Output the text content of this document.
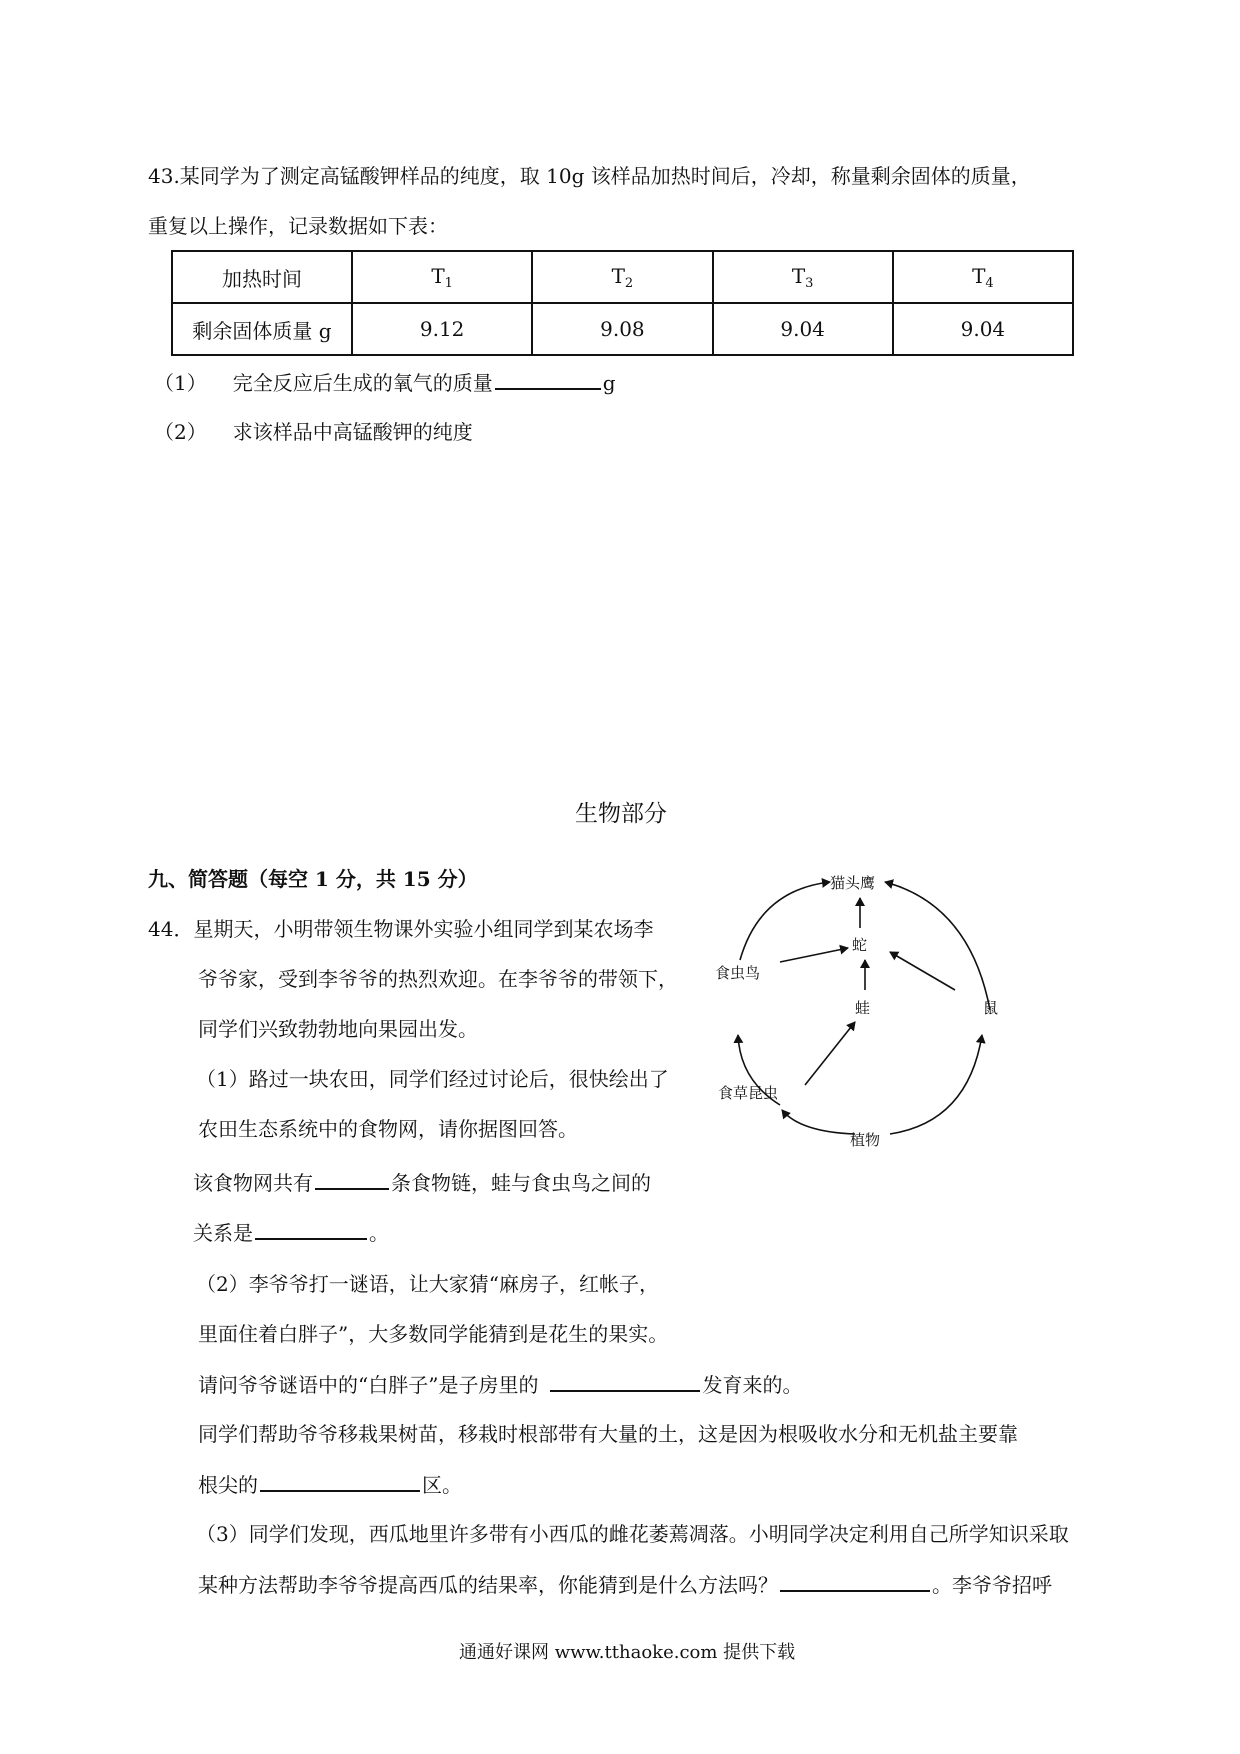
43.某同学为了测定高锰酸钾样品的纯度，取 10g 该样品加热时间后，冷却，称量剩余固体的质量，
重复以上操作，记录数据如下表：
加热时间	$T_1$	$T_2$	$T_3$	$T_4$
剩余固体质量 g	9.12	9.08	9.04	9.04
（1） 完全反应后生成的氧气的质量	g
（2） 求该样品中高锰酸钾的纯度
生物部分
九、简答题（每空 1 分，共 15 分）
44．星期天，小明带领生物课外实验小组同学到某农场李
爷爷家，受到李爷爷的热烈欢迎。在李爷爷的带领下，
同学们兴致勃勃地向果园出发。
（1）路过一块农田，同学们经过讨论后，很快绘出了
农田生态系统中的食物网，请你据图回答。
该食物网共有	条食物链，蛙与食虫鸟之间的
关系是	。
（2）李爷爷打一谜语，让大家猜“麻房子，红帐子，
里面住着白胖子”，大多数同学能猜到是花生的果实。
请问爷爷谜语中的“白胖子”是子房里的	发育来的。
同学们帮助爷爷移栽果树苗，移栽时根部带有大量的土，这是因为根吸收水分和无机盐主要靠
根尖的	区。
（3）同学们发现，西瓜地里许多带有小西瓜的雌花萎蔫凋落。小明同学决定利用自己所学知识采取
某种方法帮助李爷爷提高西瓜的结果率，你能猜到是什么方法吗？	。李爷爷招呼
猫头鹰
蛇
食虫鸟
蛙	鼠
食草昆虫
植物
通通好课网 www.tthaoke.com 提供下载
